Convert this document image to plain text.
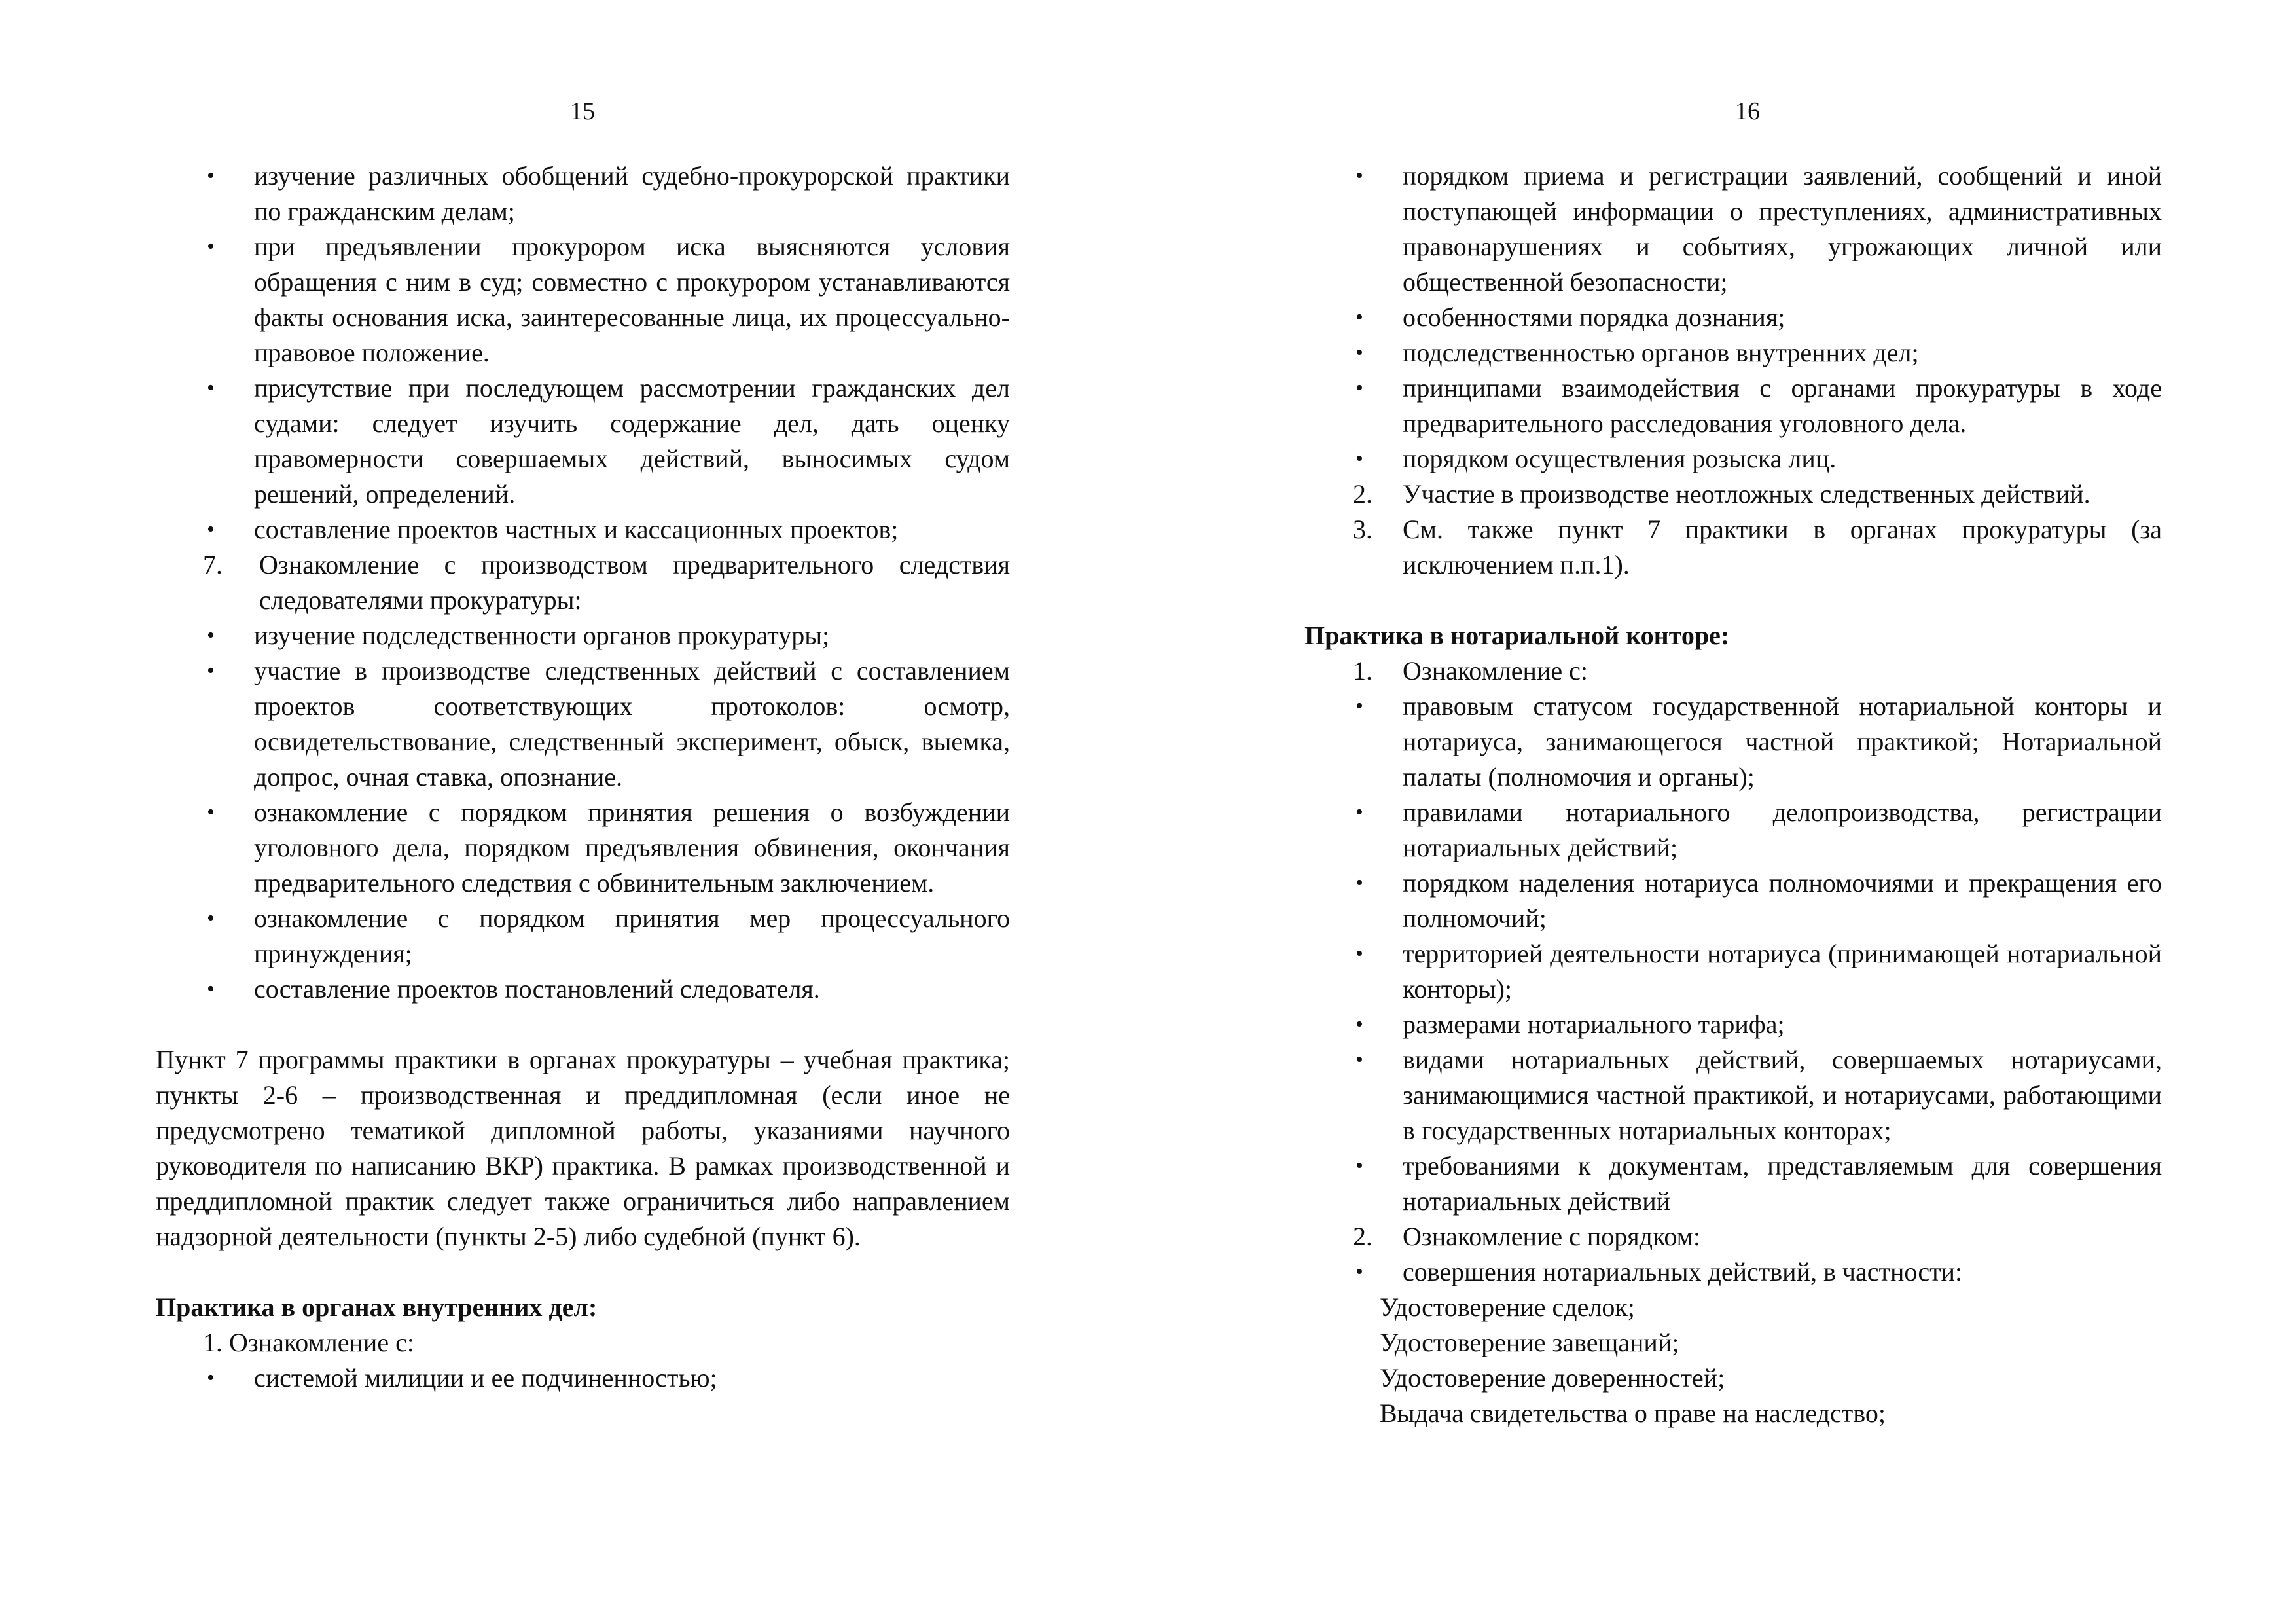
15
• изучение различных обобщений судебно-прокурорской практики по гражданским делам;
• при предъявлении прокурором иска выясняются условия обращения с ним в суд; совместно с прокурором устанавливаются факты основания иска, заинтересованные лица, их процессуально-правовое положение.
• присутствие при последующем рассмотрении гражданских дел судами: следует изучить содержание дел, дать оценку правомерности совершаемых действий, выносимых судом решений, определений.
• составление проектов частных и кассационных проектов;
7. Ознакомление с производством предварительного следствия следователями прокуратуры:
• изучение подследственности органов прокуратуры;
• участие в производстве следственных действий с составлением проектов соответствующих протоколов: осмотр, освидетельствование, следственный эксперимент, обыск, выемка, допрос, очная ставка, опознание.
• ознакомление с порядком принятия решения о возбуждении уголовного дела, порядком предъявления обвинения, окончания предварительного следствия с обвинительным заключением.
• ознакомление с порядком принятия мер процессуального принуждения;
• составление проектов постановлений следователя.
Пункт 7 программы практики в органах прокуратуры – учебная практика; пункты 2-6 – производственная и преддипломная (если иное не предусмотрено тематикой дипломной работы, указаниями научного руководителя по написанию ВКР) практика. В рамках производственной и преддипломной практик следует также ограничиться либо направлением надзорной деятельности (пункты 2-5) либо судебной (пункт 6).
Практика в органах внутренних дел:
1. Ознакомление с:
• системой милиции и ее подчиненностью;
16
• порядком приема и регистрации заявлений, сообщений и иной поступающей информации о преступлениях, административных правонарушениях и событиях, угрожающих личной или общественной безопасности;
• особенностями порядка дознания;
• подследственностью органов внутренних дел;
• принципами взаимодействия с органами прокуратуры в ходе предварительного расследования уголовного дела.
• порядком осуществления розыска лиц.
2. Участие в производстве неотложных следственных действий.
3. См. также пункт 7 практики в органах прокуратуры (за исключением п.п.1).
Практика в нотариальной конторе:
1. Ознакомление с:
• правовым статусом государственной нотариальной конторы и нотариуса, занимающегося частной практикой; Нотариальной палаты (полномочия и органы);
• правилами нотариального делопроизводства, регистрации нотариальных действий;
• порядком наделения нотариуса полномочиями и прекращения его полномочий;
• территорией деятельности нотариуса (принимающей нотариальной конторы);
• размерами нотариального тарифа;
• видами нотариальных действий, совершаемых нотариусами, занимающимися частной практикой, и нотариусами, работающими в государственных нотариальных конторах;
• требованиями к документам, представляемым для совершения нотариальных действий
2. Ознакомление с порядком:
• совершения нотариальных действий, в частности:
Удостоверение сделок;
Удостоверение завещаний;
Удостоверение доверенностей;
Выдача свидетельства о праве на наследство;
